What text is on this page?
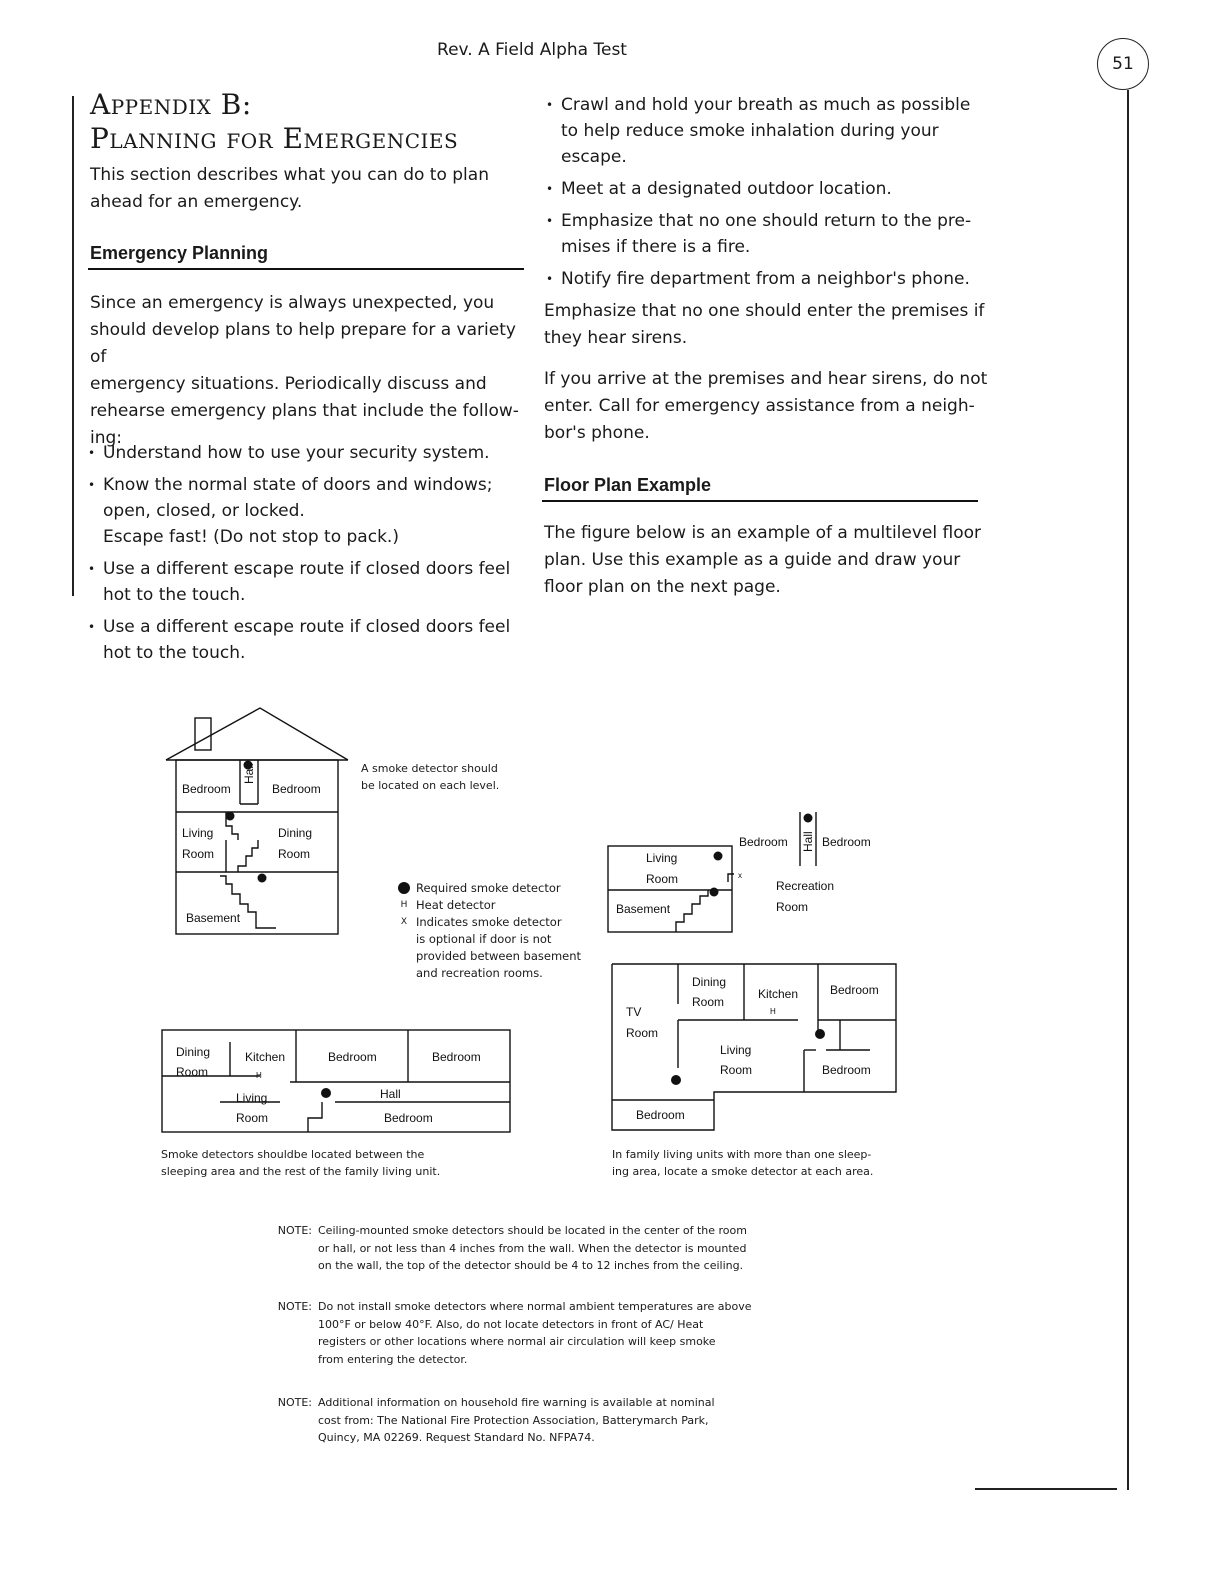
Rev. A Field Alpha Test
51
Appendix B:
Planning for Emergencies
This section describes what you can do to plan
ahead for an emergency.
Emergency Planning
Since an emergency is always unexpected, you
should develop plans to help prepare for a variety of
emergency situations. Periodically discuss and
rehearse emergency plans that include the follow-
ing:
• Understand how to use your security system.
• Know the normal state of doors and windows;
open, closed, or locked.
Escape fast! (Do not stop to pack.)
• Use a different escape route if closed doors feel
hot to the touch.
• Use a different escape route if closed doors feel
hot to the touch.
• Crawl and hold your breath as much as possible
to help reduce smoke inhalation during your
escape.
• Meet at a designated outdoor location.
• Emphasize that no one should return to the pre-
mises if there is a fire.
• Notify fire department from a neighbor's phone.
Emphasize that no one should enter the premises if
they hear sirens.
If you arrive at the premises and hear sirens, do not
enter. Call for emergency assistance from a neigh-
bor's phone.
Floor Plan Example
The figure below is an example of a multilevel floor
plan. Use this example as a guide and draw your
floor plan on the next page.
Bedroom
Hall
Bedroom
Living
Room
Dining
Room
Basement
A smoke detector should
be located on each level.
Required smoke detector
H Heat detector
X Indicates smoke detector
is optional if door is not
provided between basement
and recreation rooms.
Dining
Room
Kitchen
H
Bedroom	Bedroom
Hall
Living
Room	Bedroom
Smoke detectors shouldbe located between the
sleeping area and the rest of the family living unit.
Bedroom Hall Bedroom
Living
Room	x
Recreation
Room
Basement
Dining
Room
Kitchen
H
Bedroom
TV
Room
Living
Room	Bedroom
Bedroom
In family living units with more than one sleep-
ing area, locate a smoke detector at each area.
NOTE: Ceiling-mounted smoke detectors should be located in the center of the room
or hall, or not less than 4 inches from the wall. When the detector is mounted
on the wall, the top of the detector should be 4 to 12 inches from the ceiling.
NOTE: Do not install smoke detectors where normal ambient temperatures are above
100°F or below 40°F. Also, do not locate detectors in front of AC/ Heat
registers or other locations where normal air circulation will keep smoke
from entering the detector.
NOTE: Additional information on household fire warning is available at nominal
cost from: The National Fire Protection Association, Batterymarch Park,
Quincy, MA 02269. Request Standard No. NFPA74.
